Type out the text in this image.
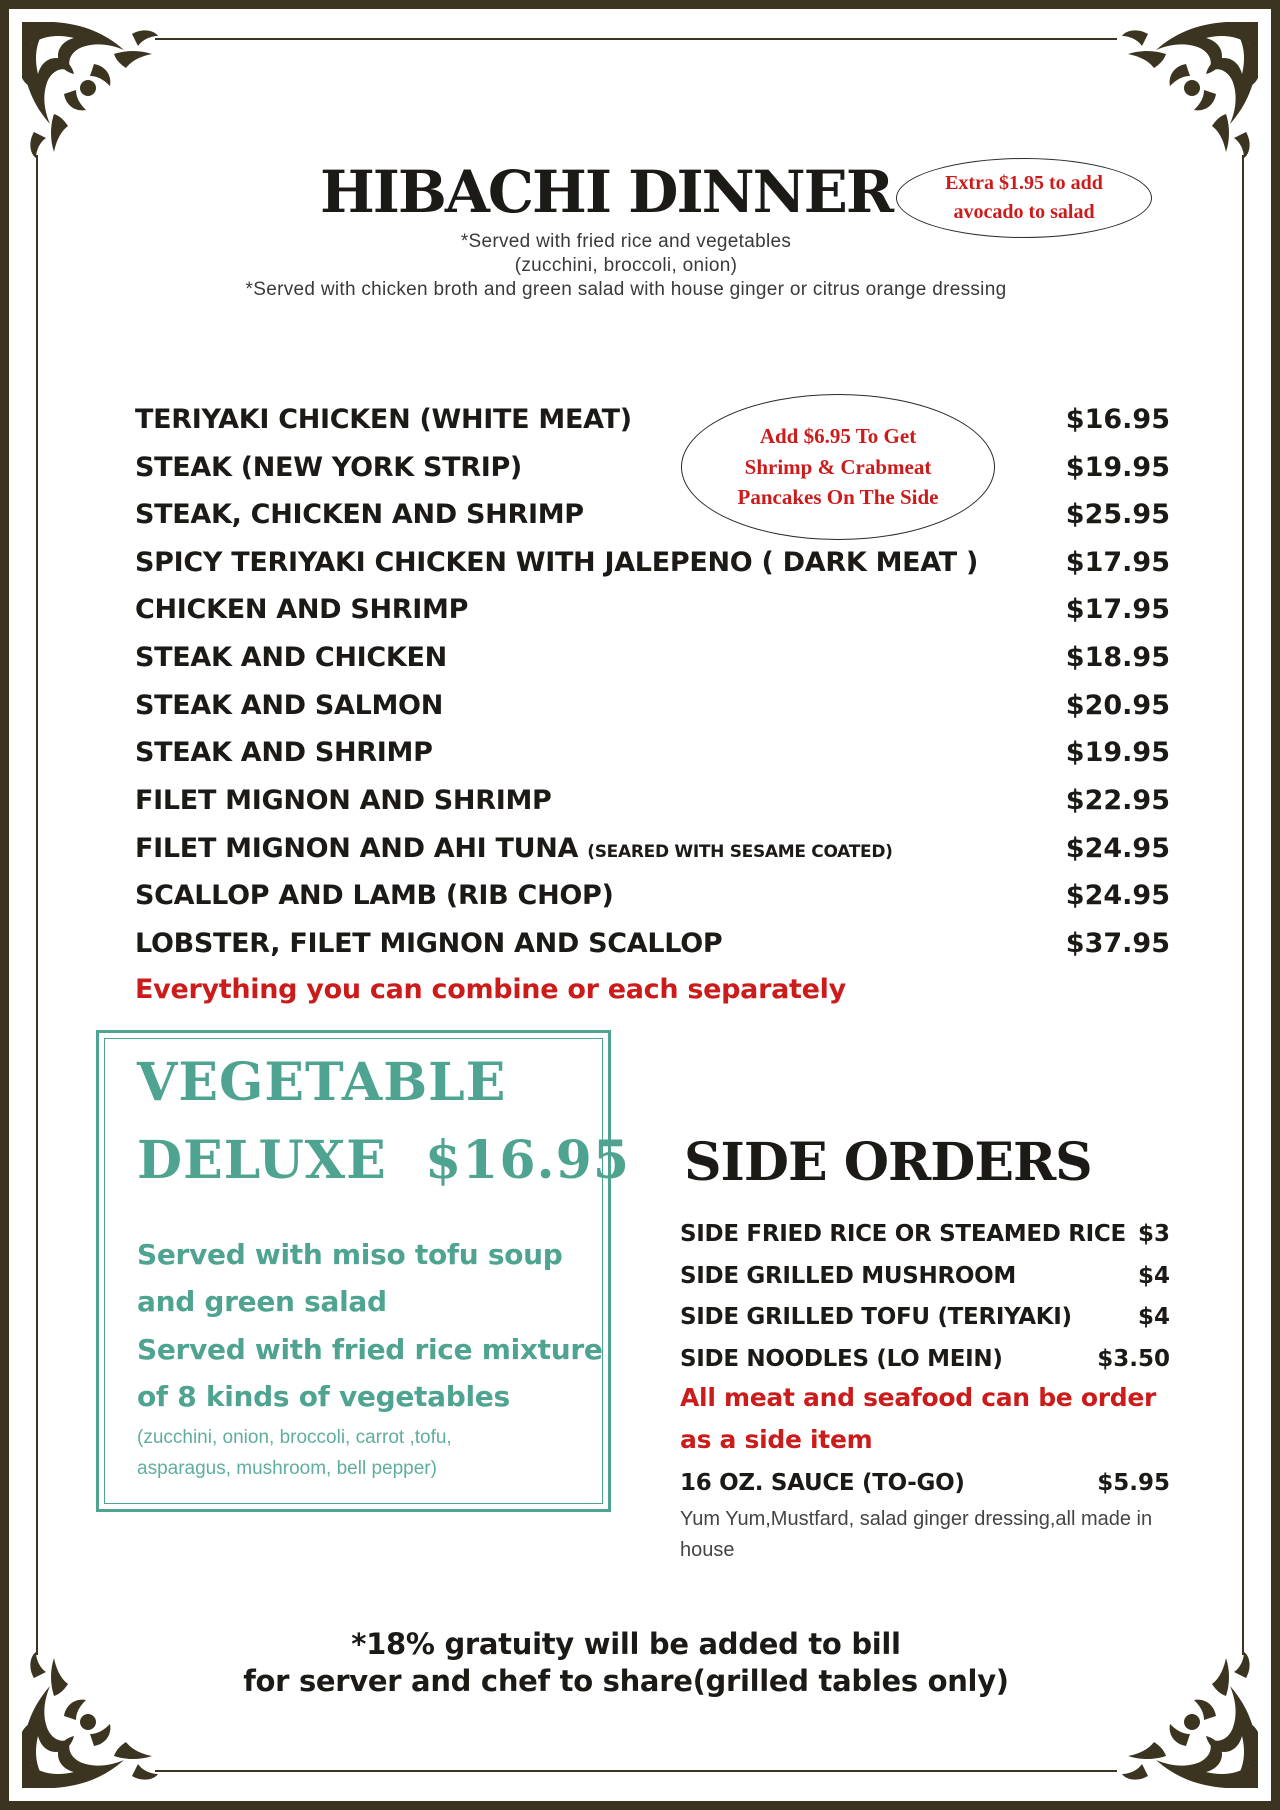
HIBACHI DINNER	Extra $1.95 to add
avocado to salad
*Served with fried rice and vegetables
(zucchini, broccoli, onion)
*Served with chicken broth and green salad with house ginger or citrus orange dressing
Add $6.95 To Get
Shrimp & Crabmeat
Pancakes On The Side
TERIYAKI CHICKEN (WHITE MEAT)	$16.95
STEAK (NEW YORK STRIP)	$19.95
STEAK, CHICKEN AND SHRIMP	$25.95
SPICY TERIYAKI CHICKEN WITH JALEPENO ( DARK MEAT )	$17.95
CHICKEN AND SHRIMP	$17.95
STEAK AND CHICKEN	$18.95
STEAK AND SALMON	$20.95
STEAK AND SHRIMP	$19.95
FILET MIGNON AND SHRIMP	$22.95
FILET MIGNON AND AHI TUNA (SEARED WITH SESAME COATED)	$24.95
SCALLOP AND LAMB (RIB CHOP)	$24.95
LOBSTER, FILET MIGNON AND SCALLOP	$37.95
Everything you can combine or each separately
VEGETABLE
DELUXE  $16.95
Served with miso tofu soup
and green salad
Served with fried rice mixture
of 8 kinds of vegetables
(zucchini, onion, broccoli, carrot ,tofu,
asparagus, mushroom, bell pepper)
SIDE ORDERS
SIDE FRIED RICE OR STEAMED RICE $3
SIDE GRILLED MUSHROOM	$4
SIDE GRILLED TOFU (TERIYAKI)	$4
SIDE NOODLES (LO MEIN)	$3.50
All meat and seafood can be order
as a side item
16 OZ. SAUCE (TO-GO)	$5.95
Yum Yum,Mustfard, salad ginger dressing,all made in house
*18% gratuity will be added to bill
for server and chef to share(grilled tables only)
